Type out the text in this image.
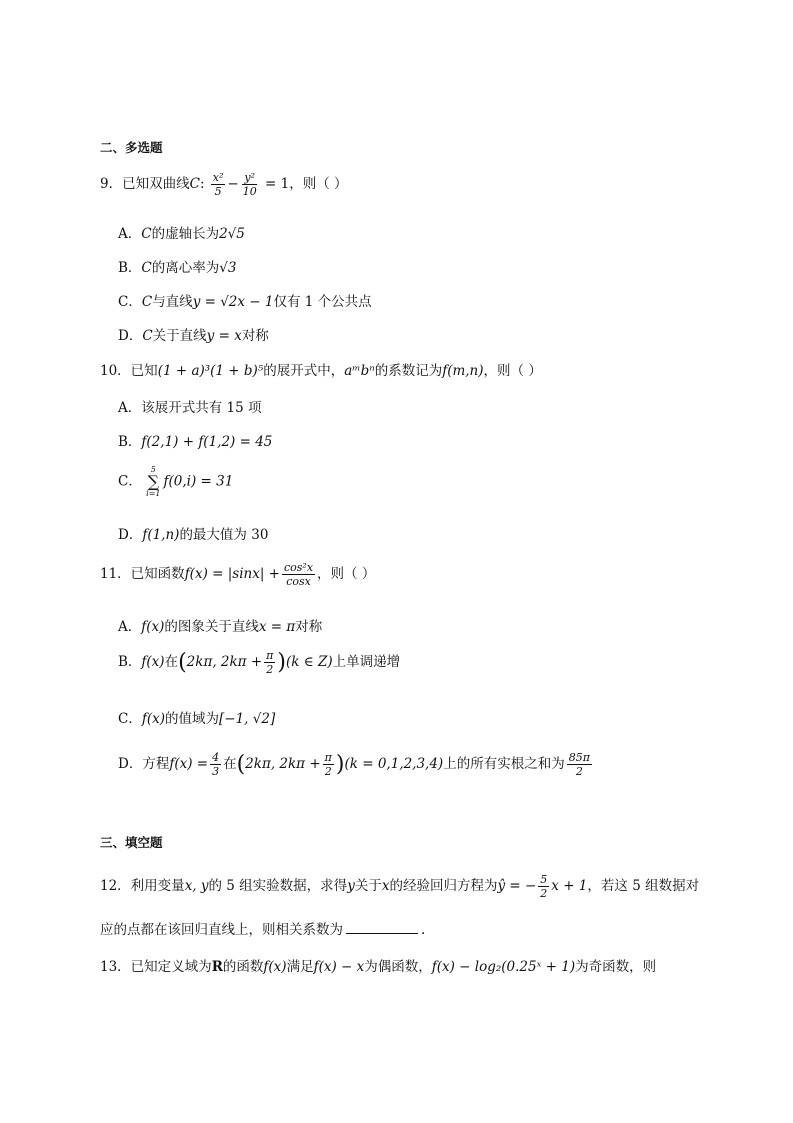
二、多选题
9．已知双曲线C: $\frac{\text{x²}}{5} - \frac{\text{y²}}{10} = 1$，则（ ）
A．C的虚轴长为2√5
B．C的离心率为√3
C．C与直线y = √2x − 1仅有 1 个公共点
D．C关于直线y = x对称
10．已知(1 + a)³(1 + b)⁵的展开式中，aᵐbⁿ的系数记为f(m,n)，则（ ）
A．该展开式共有 15 项
B．f(2,1) + f(1,2) = 45
C．
5
∑
i=1
f(0,i) = 31
D．f(1,n)的最大值为 30
11．已知函数$f(x) = |\sin x| + \frac{\text{cos²x}}{\cos x}$ ，则（ ）
A．f(x)的图象关于直线x = π对称
B．f(x)在(2kπ, $2k\pi + \frac{\pi}{2} )(k$ ∈ Z)上单调递增
C．f(x)的值域为[−1, √2]
D．方程$f(x) = \frac{4}{3}$ 在(2kπ, $2k\pi + \frac{\pi}{2} )(k = 0,1,2,3,4)$上的所有实根之和为 $\frac{85\pi}{2}$
三、填空题
12．利用变量x, y的 5 组实验数据，求得y关于x的经验回归方程为ŷ = − $\frac{5}{2}$ x + 1，若这 5 组数据对
应的点都在该回归直线上，则相关系数为	.
13．已知定义域为R的函数f(x)满足f(x) − x为偶函数，f(x) − log₂(0.25ˣ + 1)为奇函数，则
